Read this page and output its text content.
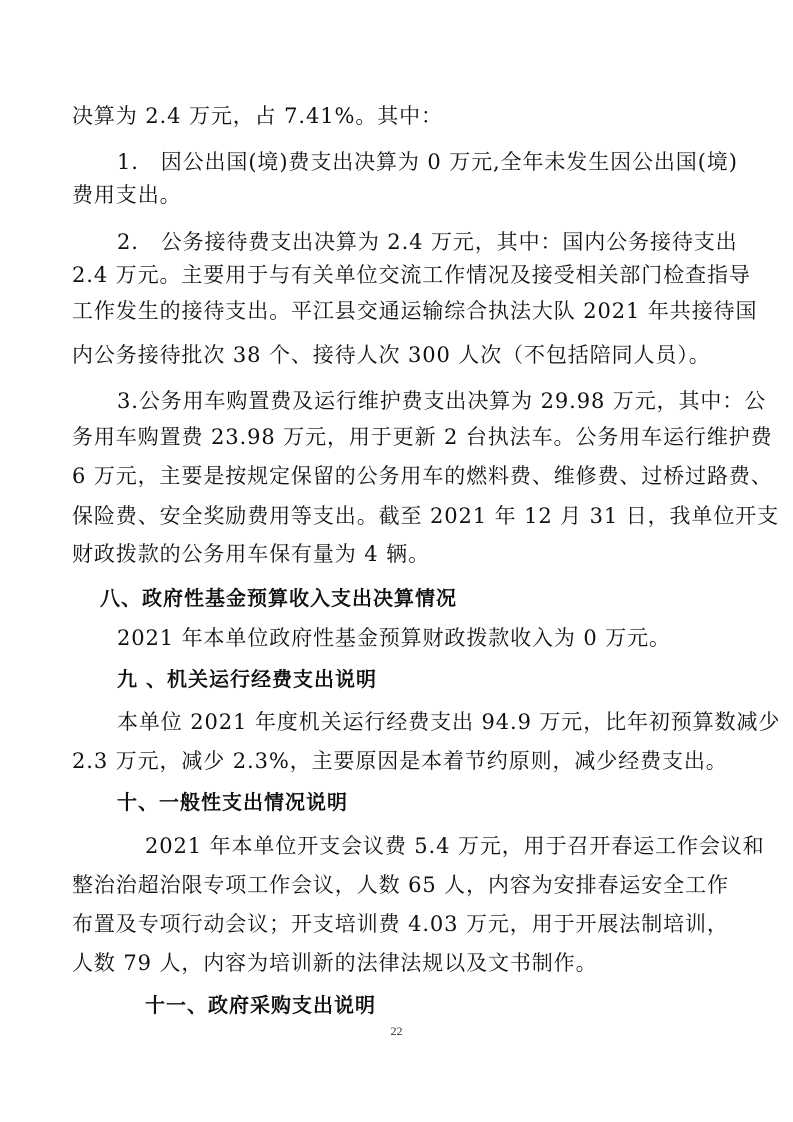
决算为 2.4 万元，占 7.41%。其中：
1.　因公出国(境)费支出决算为 0 万元,全年未发生因公出国(境)
费用支出。
2.　公务接待费支出决算为 2.4 万元，其中：国内公务接待支出
2.4 万元。主要用于与有关单位交流工作情况及接受相关部门检查指导
工作发生的接待支出。平江县交通运输综合执法大队 2021 年共接待国
内公务接待批次 38 个、接待人次 300 人次（不包括陪同人员）。
3.公务用车购置费及运行维护费支出决算为 29.98 万元，其中：公
务用车购置费 23.98 万元，用于更新 2 台执法车。公务用车运行维护费
6 万元，主要是按规定保留的公务用车的燃料费、维修费、过桥过路费、
保险费、安全奖励费用等支出。截至 2021 年 12 月 31 日，我单位开支
财政拨款的公务用车保有量为 4 辆。
八、政府性基金预算收入支出决算情况
2021 年本单位政府性基金预算财政拨款收入为 0 万元。
九 、机关运行经费支出说明
本单位 2021 年度机关运行经费支出 94.9 万元，比年初预算数减少
2.3 万元，减少 2.3%，主要原因是本着节约原则，减少经费支出。
十、一般性支出情况说明
2021 年本单位开支会议费 5.4 万元，用于召开春运工作会议和
整治治超治限专项工作会议，人数 65 人，内容为安排春运安全工作
布置及专项行动会议；开支培训费 4.03 万元，用于开展法制培训，
人数 79 人，内容为培训新的法律法规以及文书制作。
十一、政府采购支出说明
22
